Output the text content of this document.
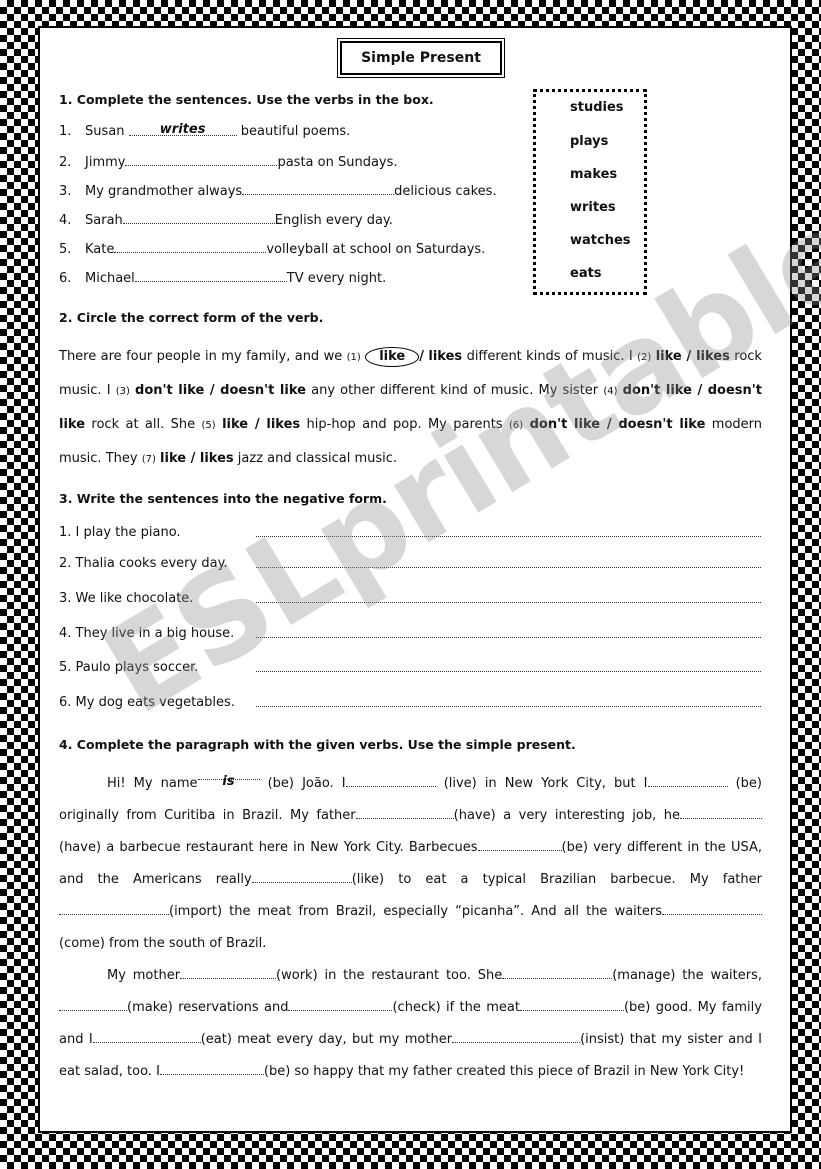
Simple Present
1. Complete the sentences. Use the verbs in the box.
1. Susan	writes	beautiful poems.
2. Jimmy	pasta on Sundays.
3. My grandmother always	delicious cakes.
4. Sarah	English every day.
5. Kate	volleyball at school on Saturdays.
6. Michael	TV every night.
studies
plays
makes
writes
watches
eats
2. Circle the correct form of the verb.
There are four people in my family, and we (1) like / likes different kinds of music. I (2) like / likes rock music. I (3) don't like / doesn't like any other different kind of music. My sister (4) don't like / doesn't like rock at all. She (5) like / likes hip-hop and pop. My parents (6) don't like / doesn't like modern music. They (7) like / likes jazz and classical music.
3. Write the sentences into the negative form.
1. I play the piano.
2. Thalia cooks every day.
3. We like chocolate.
4. They live in a big house.
5. Paulo plays soccer.
6. My dog eats vegetables.
4. Complete the paragraph with the given verbs. Use the simple present.
Hi! My name is	(be) João. I	(live) in New York City, but I	(be) originally from Curitiba in Brazil. My father	(have) a very interesting job, he(have) a barbecue restaurant here in New York City. Barbecues	(be) very different in the USA, and the Americans really	(like) to eat a typical Brazilian barbecue. My father(import) the meat from Brazil, especially “picanha”. And all the waiters(come) from the south of Brazil.
My mother	(work) in the restaurant too. She	(manage) the waiters, (make) reservations and	(check) if the meat	(be) good. My family and I	(eat) meat every day, but my mother	(insist) that my sister and I eat salad, too. I	(be) so happy that my father created this piece of Brazil in New York City!
